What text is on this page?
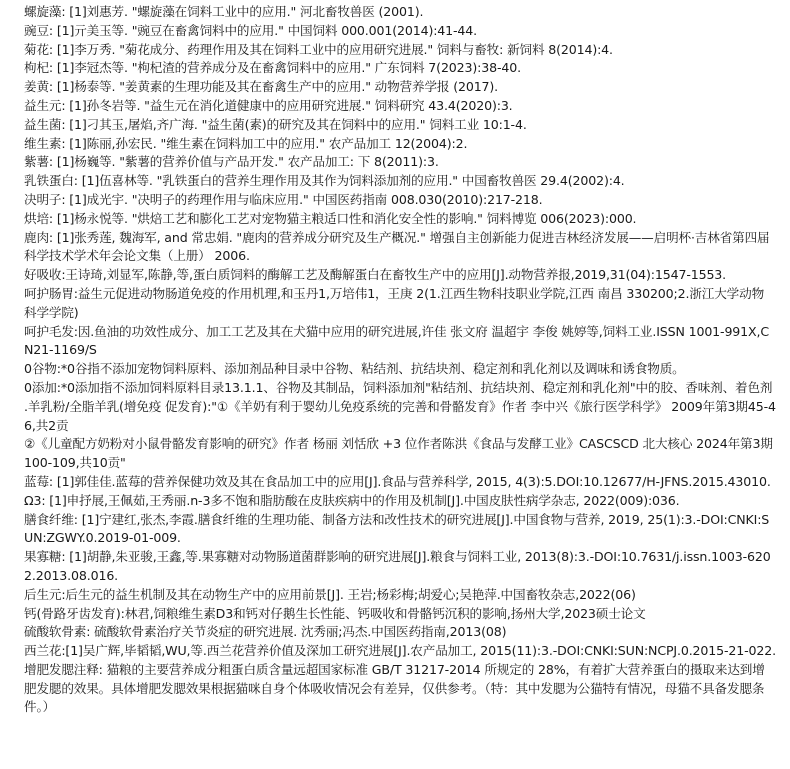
螺旋藻: [1]刘惠芳. "螺旋藻在饲料工业中的应用." 河北畜牧兽医 (2001).

豌豆: [1]亓美玉等. "豌豆在畜禽饲料中的应用." 中国饲料 000.001(2014):41-44.

菊花: [1]李万秀. "菊花成分、药理作用及其在饲料工业中的应用研究进展." 饲料与畜牧: 新饲料 8(2014):4.

枸杞: [1]李冠杰等. "枸杞渣的营养成分及在畜禽饲料中的应用." 广东饲料 7(2023):38-40.

姜黄: [1]杨泰等. "姜黄素的生理功能及其在畜禽生产中的应用." 动物营养学报 (2017).

益生元: [1]孙冬岩等. "益生元在消化道健康中的应用研究进展." 饲料研究 43.4(2020):3.

益生菌: [1]刁其玉,屠焰,齐广海. "益生菌(素)的研究及其在饲料中的应用." 饲料工业 10:1-4.

维生素: [1]陈丽,孙宏民. "维生素在饲料加工中的应用." 农产品加工 12(2004):2.

紫薯: [1]杨巍等. "紫薯的营养价值与产品开发." 农产品加工: 下 8(2011):3.

乳铁蛋白: [1]伍喜林等. "乳铁蛋白的营养生理作用及其作为饲料添加剂的应用." 中国畜牧兽医 29.4(2002):4.

决明子: [1]成光宇. "决明子的药理作用与临床应用." 中国医药指南 008.030(2010):217-218.

烘培: [1]杨永悦等. "烘焙工艺和膨化工艺对宠物猫主粮适口性和消化安全性的影响." 饲料博览 006(2023):000.

鹿肉: [1]张秀莲, 魏海军, and 常忠娟. "鹿肉的营养成分研究及生产概况." 增强自主创新能力促进吉林经济发展——启明杯·吉林省第四届科学技术学术年会论文集（上册） 2006.

好吸收:王诗琦,刘显军,陈静,等,蛋白质饲料的酶解工艺及酶解蛋白在畜牧生产中的应用[J].动物营养报,2019,31(04):1547-1553.

呵护肠胃:益生元促进动物肠道免疫的作用机理,和玉丹1,万培伟1，王庚 2(1.江西生物科技职业学院,江西 南昌 330200;2.浙江大学动物科学学院)

呵护毛发:因.鱼油的功效性成分、加工工艺及其在犬猫中应用的研究进展,许佳 张文府 温超宇 李俊 姚婷等,饲料工业.ISSN 1001-991X,CN21-1169/S

0谷物:*0谷指不添加宠物饲料原料、添加剂品种目录中谷物、粘结剂、抗结块剂、稳定剂和乳化剂以及调味和诱食物质。

0添加:*0添加指不添加饲料原料目录13.1.1、谷物及其制品，饲料添加剂"粘结剂、抗结块剂、稳定剂和乳化剂"中的胶、香味剂、着色剂

.羊乳粉/全脂羊乳(增免疫 促发育):"①《羊奶有利于婴幼儿免疫系统的完善和骨骼发育》作者 李中兴《旅行医学科学》 2009年第3期45-46,共2贡

②《儿童配方奶粉对小鼠骨骼发育影响的研究》作者 杨丽 刘恬欣 +3 位作者陈洪《食品与发酵工业》CASCSCD 北大核心 2024年第3期100-109,共10贡"

蓝莓: [1]郭佳佳.蓝莓的营养保健功效及其在食品加工中的应用[J].食品与营养科学, 2015, 4(3):5.DOI:10.12677/H-JFNS.2015.43010.

Ω3: [1]申抒展,王佩茹,王秀丽.n-3多不饱和脂肪酸在皮肤疾病中的作用及机制[J].中国皮肤性病学杂志, 2022(009):036.

膳食纤维: [1]宁建红,张杰,李霞.膳食纤维的生理功能、制备方法和改性技术的研究进展[J].中国食物与营养, 2019, 25(1):3.-DOI:CNKI:SUN:ZGWY.0.2019-01-009.

果寡糖: [1]胡静,朱亚骏,王鑫,等.果寡糖对动物肠道菌群影响的研究进展[J].粮食与饲料工业, 2013(8):3.-DOI:10.7631/j.issn.1003-6202.2013.08.016.

后生元:后生元的益生机制及其在动物生产中的应用前景[J]. 王岩;杨彩梅;胡爱心;吴艳萍.中国畜牧杂志,2022(06)

钙(骨路牙齿发育):林君,饲粮维生素D3和钙对仔鹅生长性能、钙吸收和骨骼钙沉积的影响,扬州大学,2023硕士论文

硫酸软骨素: 硫酸软骨素治疗关节炎症的研究进展. 沈秀丽;冯杰.中国医药指南,2013(08)

西兰花:[1]吴广辉,毕韬韬,WU,等.西兰花营养价值及深加工研究进展[J].农产品加工, 2015(11):3.-DOI:CNKI:SUN:NCPJ.0.2015-21-022.

增肥发腮注释: 猫粮的主要营养成分粗蛋白质含量远超国家标准 GB/T 31217-2014 所规定的 28%，有着扩大营养蛋白的摄取来达到增肥发腮的效果。具体增肥发腮效果根据猫咪自身个体吸收情况会有差异，仅供参考。（特：其中发腮为公猫特有情况，母猫不具备发腮条件。）
